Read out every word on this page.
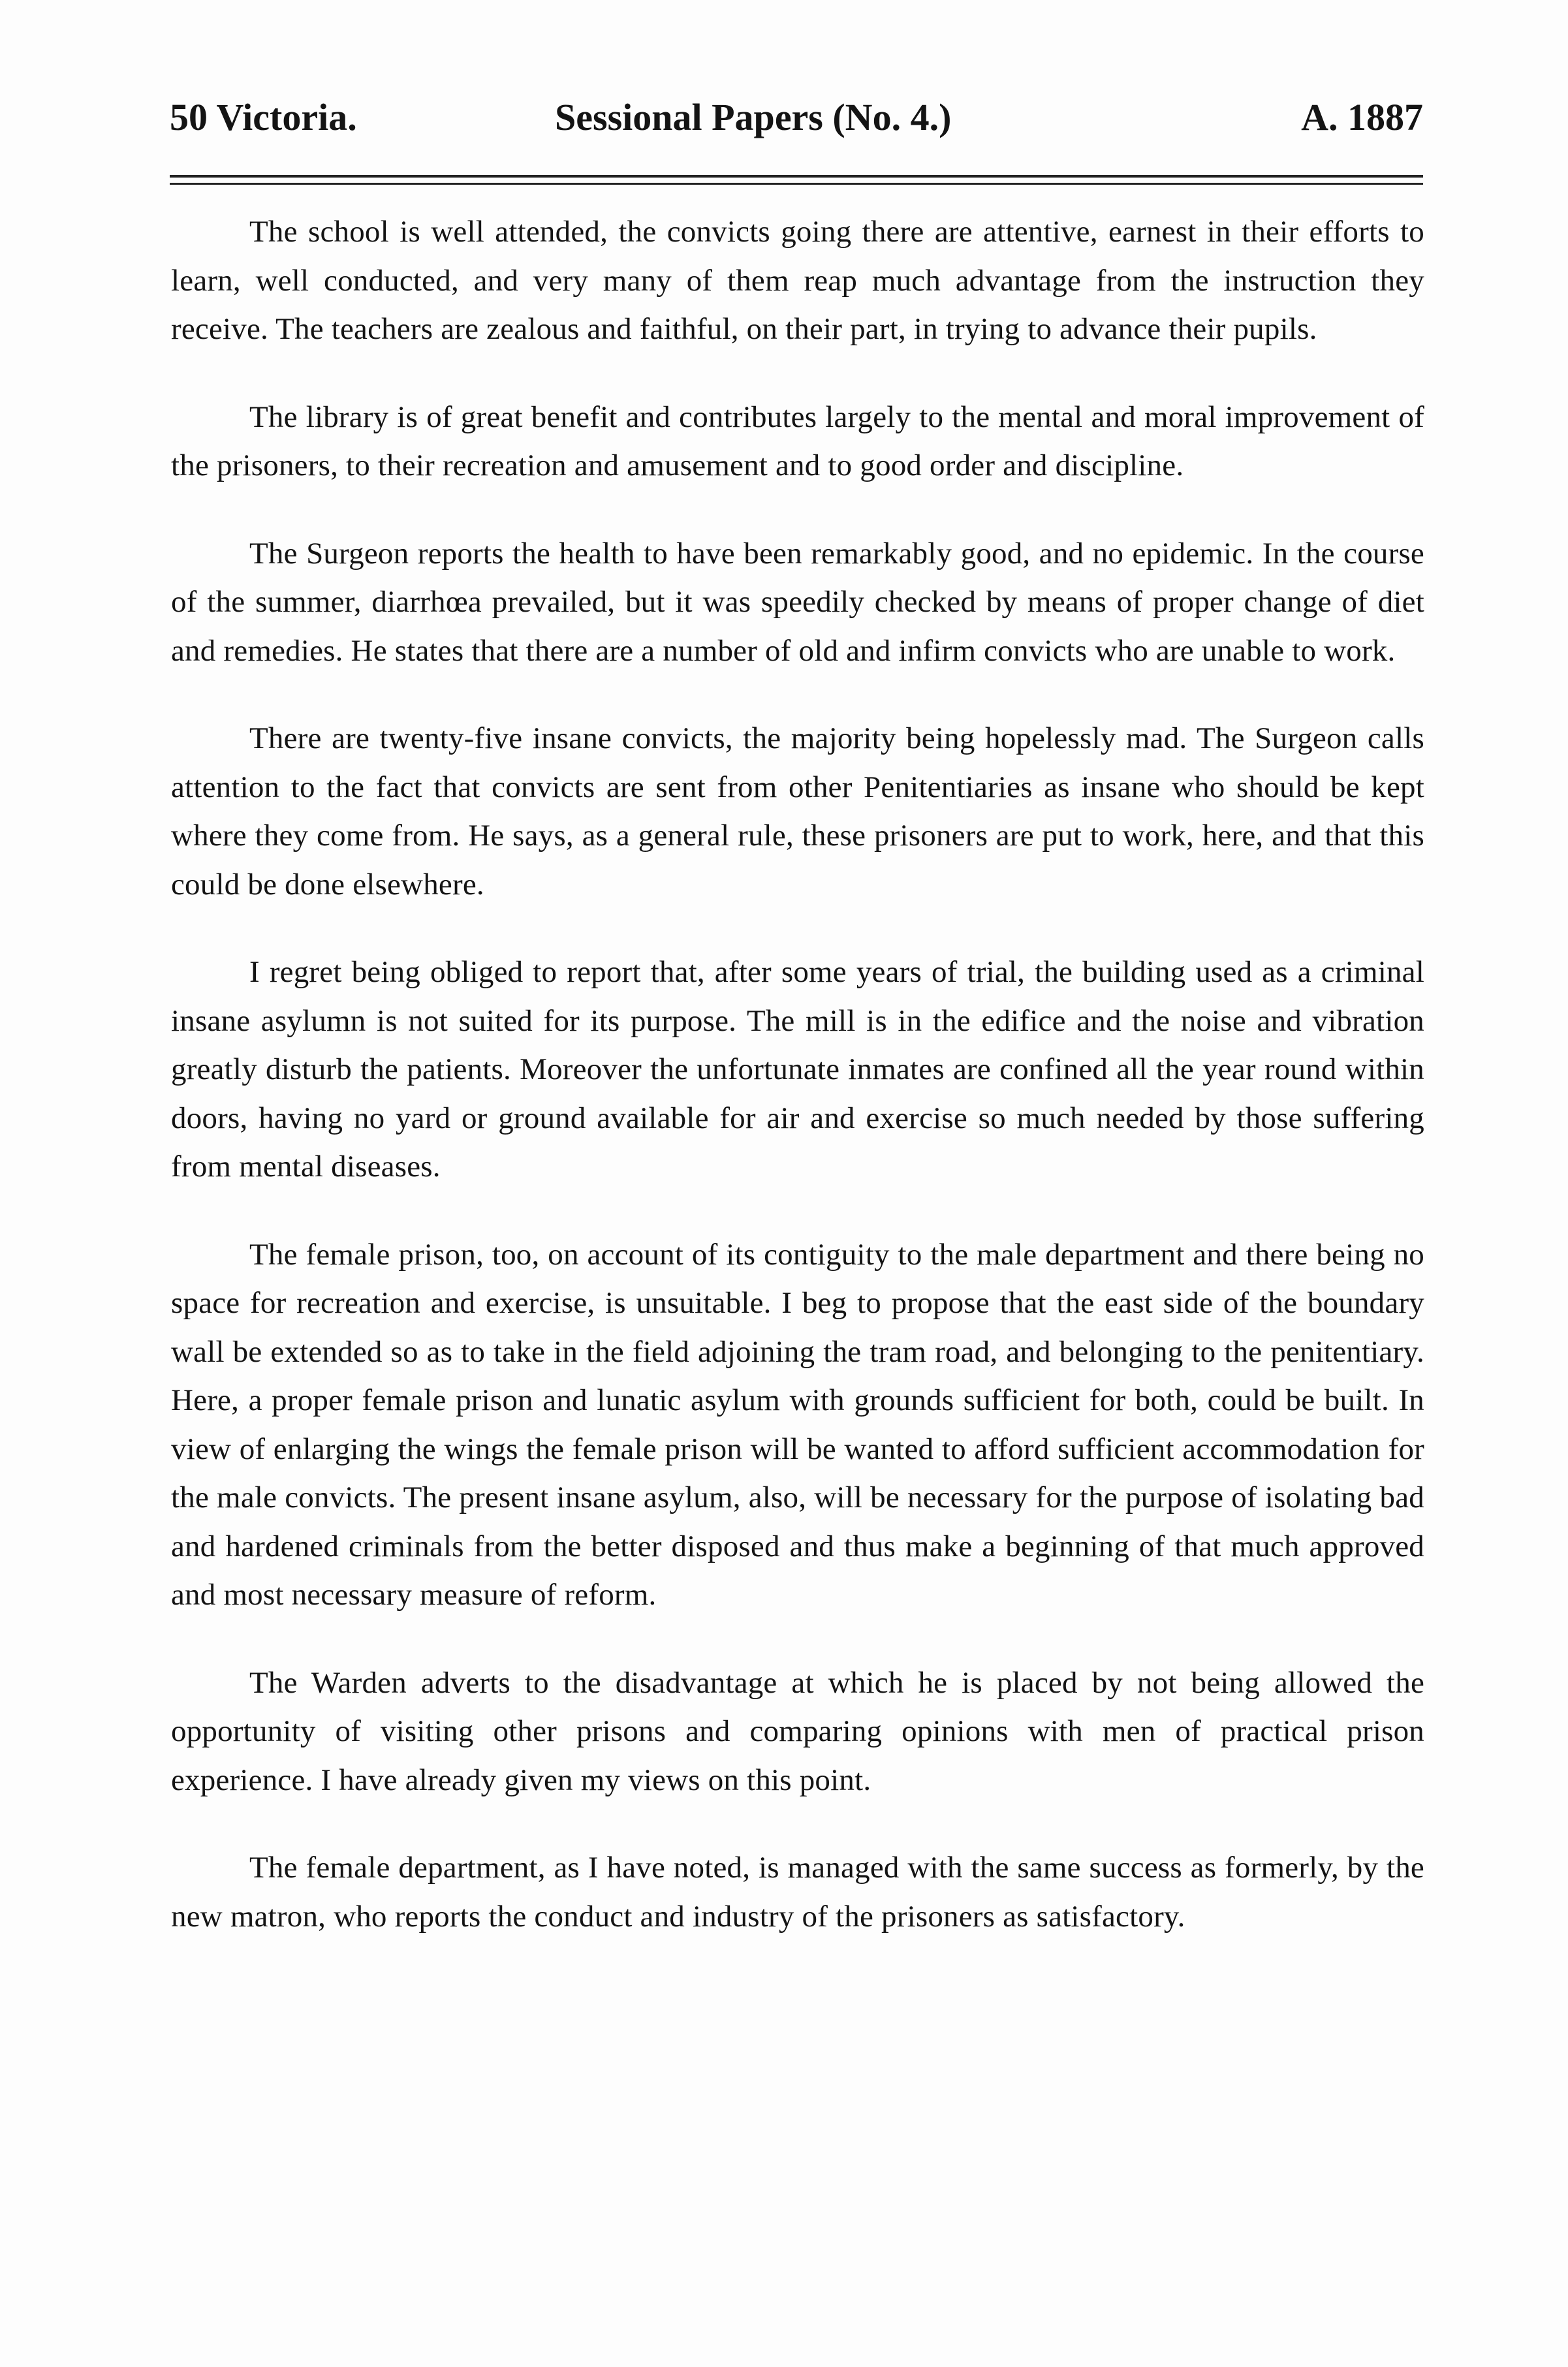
50 Victoria.	Sessional Papers (No. 4.)	A. 1887

The school is well attended, the convicts going there are attentive, earnest in their efforts to learn, well conducted, and very many of them reap much advantage from the instruction they receive. The teachers are zealous and faithful, on their part, in trying to advance their pupils.

The library is of great benefit and contributes largely to the mental and moral improvement of the prisoners, to their recreation and amusement and to good order and discipline.

The Surgeon reports the health to have been remarkably good, and no epidemic. In the course of the summer, diarrhœa prevailed, but it was speedily checked by means of proper change of diet and remedies. He states that there are a number of old and infirm convicts who are unable to work.

There are twenty-five insane convicts, the majority being hopelessly mad. The Surgeon calls attention to the fact that convicts are sent from other Penitentiaries as insane who should be kept where they come from. He says, as a general rule, these prisoners are put to work, here, and that this could be done elsewhere.

I regret being obliged to report that, after some years of trial, the building used as a criminal insane asylumn is not suited for its purpose. The mill is in the edifice and the noise and vibration greatly disturb the patients. Moreover the unfortunate inmates are confined all the year round within doors, having no yard or ground available for air and exercise so much needed by those suffering from mental diseases.

The female prison, too, on account of its contiguity to the male department and there being no space for recreation and exercise, is unsuitable. I beg to propose that the east side of the boundary wall be extended so as to take in the field adjoining the tram road, and belonging to the penitentiary. Here, a proper female prison and lunatic asylum with grounds sufficient for both, could be built. In view of enlarging the wings the female prison will be wanted to afford sufficient accommodation for the male convicts. The present insane asylum, also, will be necessary for the purpose of isolating bad and hardened criminals from the better disposed and thus make a beginning of that much approved and most necessary measure of reform.

The Warden adverts to the disadvantage at which he is placed by not being allowed the opportunity of visiting other prisons and comparing opinions with men of practical prison experience. I have already given my views on this point.

The female department, as I have noted, is managed with the same success as formerly, by the new matron, who reports the conduct and industry of the prisoners as satisfactory.
